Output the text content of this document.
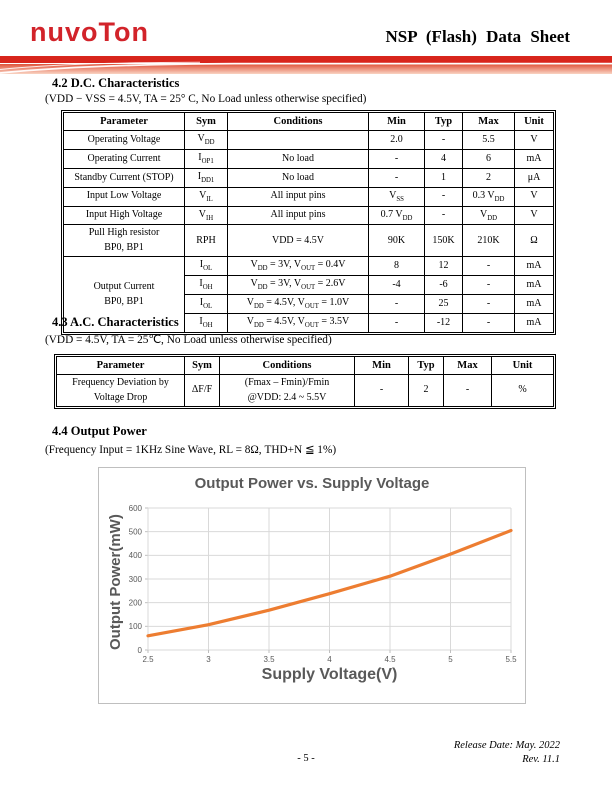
nuvoTon	NSP (Flash) Data Sheet
4.2 D.C. Characteristics
(VDD − VSS = 4.5V, TA = 25° C, No Load unless otherwise specified)
Parameter	Sym	Conditions	Min	Typ	Max	Unit
Operating Voltage	$V_{DD}$		2.0	-	5.5	V
Operating Current	$I_{OP1}$	No load	-	4	6	mA
Standby Current (STOP)	$I_{DD1}$	No load	-	1	2	μA
Input Low Voltage	$V_{IL}$	All input pins	$V_{SS}$	-	0.3 $V_{DD}$	V
Input High Voltage	$V_{IH}$	All input pins	0.7 $V_{DD}$	-	$V_{DD}$	V
Pull High resistor
BP0, BP1	RPH	VDD = 4.5V	90K	150K	210K	Ω
Output Current
BP0, BP1	$I_{OL}$	$V_{DD} = 3V$, $V_{OUT} = 0.4V$	8	12	-	mA
	$I_{OH}$	$V_{DD} = 3V$, $V_{OUT} = 2.6V$	-4	-6	-	mA
	$I_{OL}$	$V_{DD} = 4.5V$, $V_{OUT} = 1.0V$	-	25	-	mA
	$I_{OH}$	$V_{DD} = 4.5V$, $V_{OUT} = 3.5V$	-	-12	-	mA
4.3 A.C. Characteristics
(VDD = 4.5V, TA = 25℃, No Load unless otherwise specified)
Parameter	Sym	Conditions	Min	Typ	Max	Unit
Frequency Deviation by
Voltage Drop	ΔF/F	(Fmax – Fmin)/Fmin
@VDD: 2.4 ~ 5.5V	-	2	-	%
4.4 Output Power
(Frequency Input = 1KHz Sine Wave, RL = 8Ω, THD+N ≦ 1%)
Output Power vs. Supply Voltage
Output Power(mW)
0
100
200
300
400
500
600
2.5	3	3.5	4	4.5	5	5.5
Supply Voltage(V)
Release Date: May. 2022
Rev. 11.1
- 5 -
